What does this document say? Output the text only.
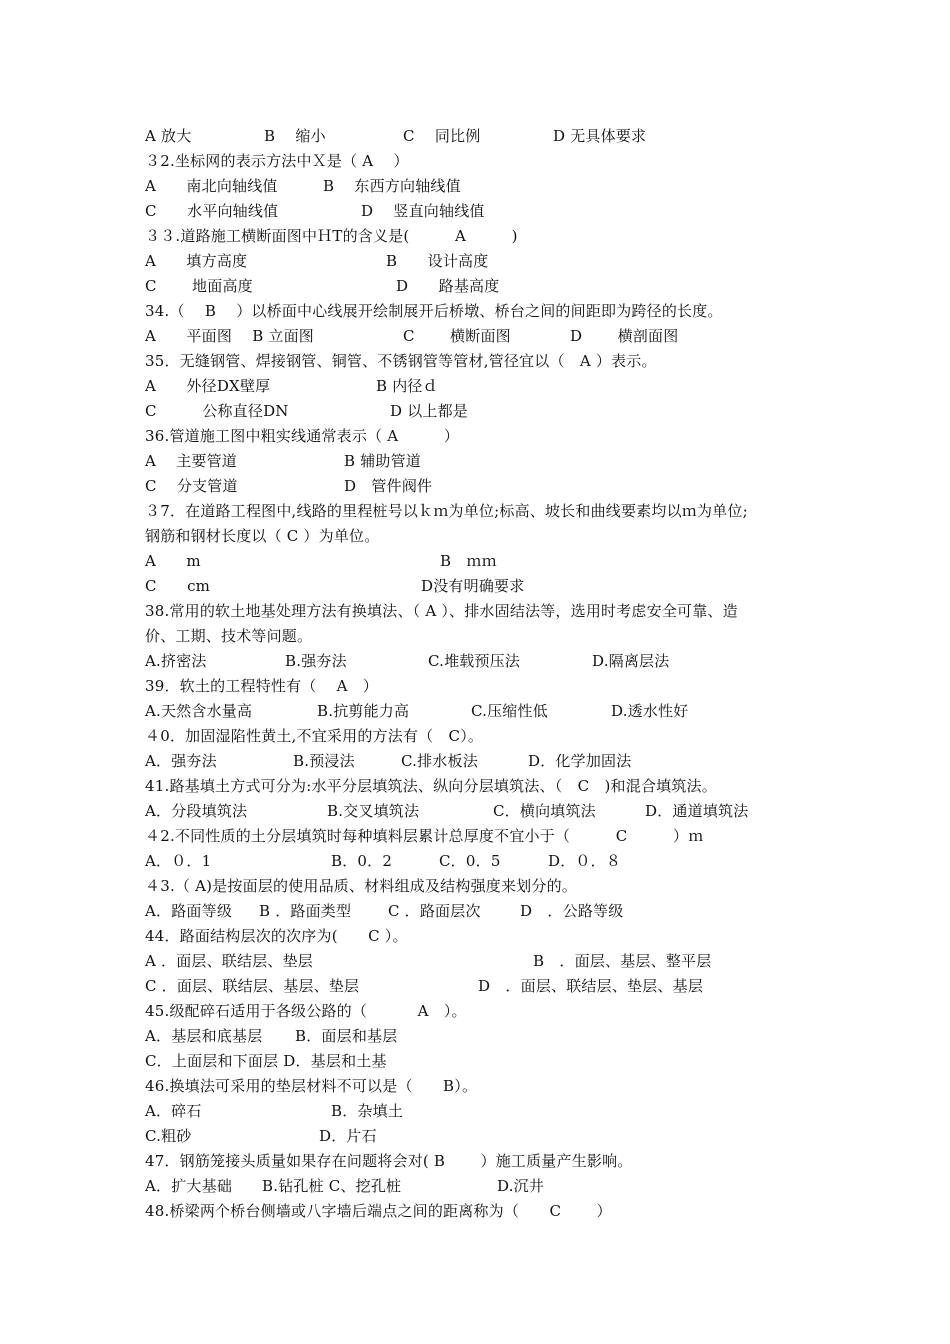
A 放大

	B　 缩小

	C　 同比例

	D 无具体要求

３2.坐标网的表示方法中Ｘ是（ A　 ）

A　　南北向轴线值

	B　 东西方向轴线值

C　　水平向轴线值

	D　 竖直向轴线值

３３.道路施工横断面图中ＨT的含义是(　　　A　　　)

A　　填方高度

	B　　设计高度

C　　 地面高度

	D　　路基高度

34.（　 B　 ）以桥面中心线展开绘制展开后桥墩、桥台之间的间距即为跨径的长度。

A　　平面图　 B 立面图

	C　　 横断面图

	D　　 横剖面图

35．无缝钢管、焊接钢管、铜管、不锈钢管等管材,管径宜以（　A ）表示。

A　　外径DX壁厚

	B 内径ｄ

C　　　公称直径DN

	D 以上都是

36.管道施工图中粗实线通常表示（ A　　　）

A　 主要管道

	B 辅助管道

C　 分支管道

	D　管件阀件

３7．在道路工程图中,线路的里程桩号以ｋｍ为单位;标高、坡长和曲线要素均以ｍ为单位;

钢筋和钢材长度以（ C ）为单位。

A　　m

	B　ｍｍ

C　　cm

	D没有明确要求

38.常用的软土地基处理方法有换填法、（ A ）、排水固结法等，选用时考虑安全可靠、造

价、工期、技术等问题。

A.挤密法

	B.强夯法

	C.堆载预压法

	D.隔离层法

39．软土的工程特性有（　 A　）

A.天然含水量高

	B.抗剪能力高

	C.压缩性低

	D.透水性好

４0．加固湿陷性黄土,不宜采用的方法有（　C）。

A．强夯法

	B.预浸法

	C.排水板法

	D．化学加固法

41.路基填土方式可分为:水平分层填筑法、纵向分层填筑法、（　C　)和混合填筑法。

A．分段填筑法

	B.交叉填筑法

	C．横向填筑法

	D．通道填筑法

４2.不同性质的土分层填筑时每种填料层累计总厚度不宜小于（　　　C　　　）ｍ

A．０．1

	B．0．2

	C．0．5

	D．０．８

４3.（ A)是按面层的使用品质、材料组成及结构强度来划分的。

A．路面等级

B ．路面类型

C ．路面层次

	D　．公路等级

44．路面结构层次的次序为(　　C ）。

A ．面层、联结层、垫层

	B　．面层、基层、整平层

C ．面层、联结层、基层、垫层

	D　．面层、联结层、垫层、基层

45.级配碎石适用于各级公路的（　　　 A　）。

A．基层和底基层

B．面层和基层

C．上面层和下面层 D．基层和土基

46.换填法可采用的垫层材料不可以是（　　B）。

A．碎石

	B．杂填土

C.粗砂

	D．片石

47．钢筋笼接头质量如果存在问题将会对( B　　 ）施工质量产生影响。

A．扩大基础

B.钻孔桩 C、挖孔桩

	D.沉井

48.桥梁两个桥台侧墙或八字墙后端点之间的距离称为（　　C　　 ）
